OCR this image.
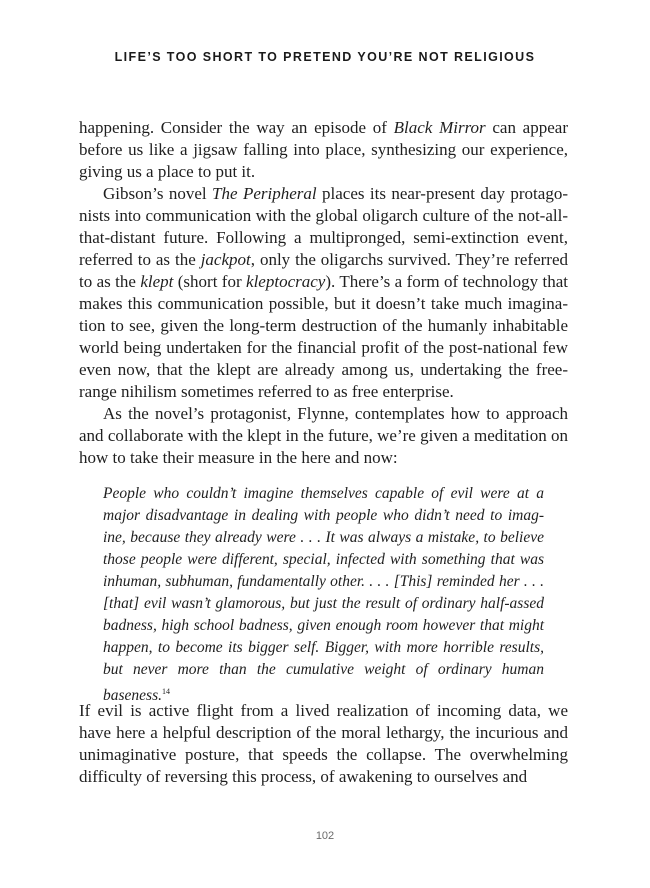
LIFE’S TOO SHORT TO PRETEND YOU’RE NOT RELIGIOUS

happening. Consider the way an episode of Black Mirror can appear before us like a jigsaw falling into place, synthesizing our experience, giving us a place to put it.

Gibson’s novel The Peripheral places its near-present day protagonists into communication with the global oligarch culture of the not-all-that-distant future. Following a multipronged, semi-extinction event, referred to as the jackpot, only the oligarchs survived. They’re referred to as the klept (short for kleptocracy). There’s a form of technology that makes this communication possible, but it doesn’t take much imagination to see, given the long-term destruction of the humanly inhabitable world being undertaken for the financial profit of the post-national few even now, that the klept are already among us, undertaking the free-range nihilism sometimes referred to as free enterprise.

As the novel’s protagonist, Flynne, contemplates how to approach and collaborate with the klept in the future, we’re given a meditation on how to take their measure in the here and now:

People who couldn’t imagine themselves capable of evil were at a major disadvantage in dealing with people who didn’t need to imagine, because they already were . . . It was always a mistake, to believe those people were different, special, infected with something that was inhuman, subhuman, fundamentally other. . . . [This] reminded her . . . [that] evil wasn’t glamorous, but just the result of ordinary half-assed badness, high school badness, given enough room however that might happen, to become its bigger self. Bigger, with more horrible results, but never more than the cumulative weight of ordinary human baseness.$^{14}$

If evil is active flight from a lived realization of incoming data, we have here a helpful description of the moral lethargy, the incurious and unimaginative posture, that speeds the collapse. The overwhelming difficulty of reversing this process, of awakening to ourselves and

102
